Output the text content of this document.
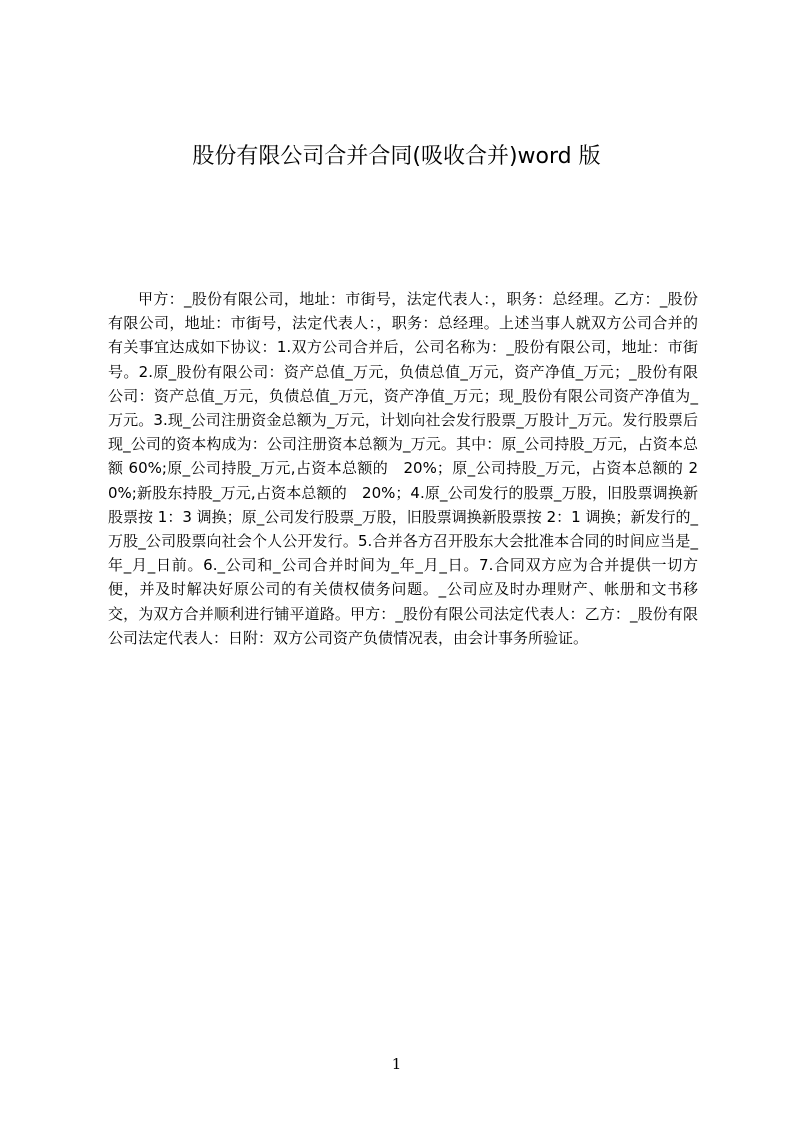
股份有限公司合并合同(吸收合并)word 版
甲方：_股份有限公司，地址：市街号，法定代表人：，职务：总经理。乙方：_股份有限公司，地址：市街号，法定代表人：，职务：总经理。上述当事人就双方公司合并的有关事宜达成如下协议：1.双方公司合并后，公司名称为：_股份有限公司，地址：市街号。2.原_股份有限公司：资产总值_万元，负债总值_万元，资产净值_万元；_股份有限公司：资产总值_万元，负债总值_万元，资产净值_万元；现_股份有限公司资产净值为_万元。3.现_公司注册资金总额为_万元，计划向社会发行股票_万股计_万元。发行股票后现_公司的资本构成为：公司注册资本总额为_万元。其中：原_公司持股_万元，占资本总额 60%;原_公司持股_万元,占资本总额的　20%；原_公司持股_万元，占资本总额的 20%;新股东持股_万元,占资本总额的　20%；4.原_公司发行的股票_万股，旧股票调换新股票按 1：3 调换；原_公司发行股票_万股，旧股票调换新股票按 2：1 调换；新发行的_万股_公司股票向社会个人公开发行。5.合并各方召开股东大会批准本合同的时间应当是_年_月_日前。6._公司和_公司合并时间为_年_月_日。7.合同双方应为合并提供一切方便，并及时解决好原公司的有关债权债务问题。_公司应及时办理财产、帐册和文书移交，为双方合并顺利进行铺平道路。甲方：_股份有限公司法定代表人：乙方：_股份有限公司法定代表人：日附：双方公司资产负债情况表，由会计事务所验证。
1
